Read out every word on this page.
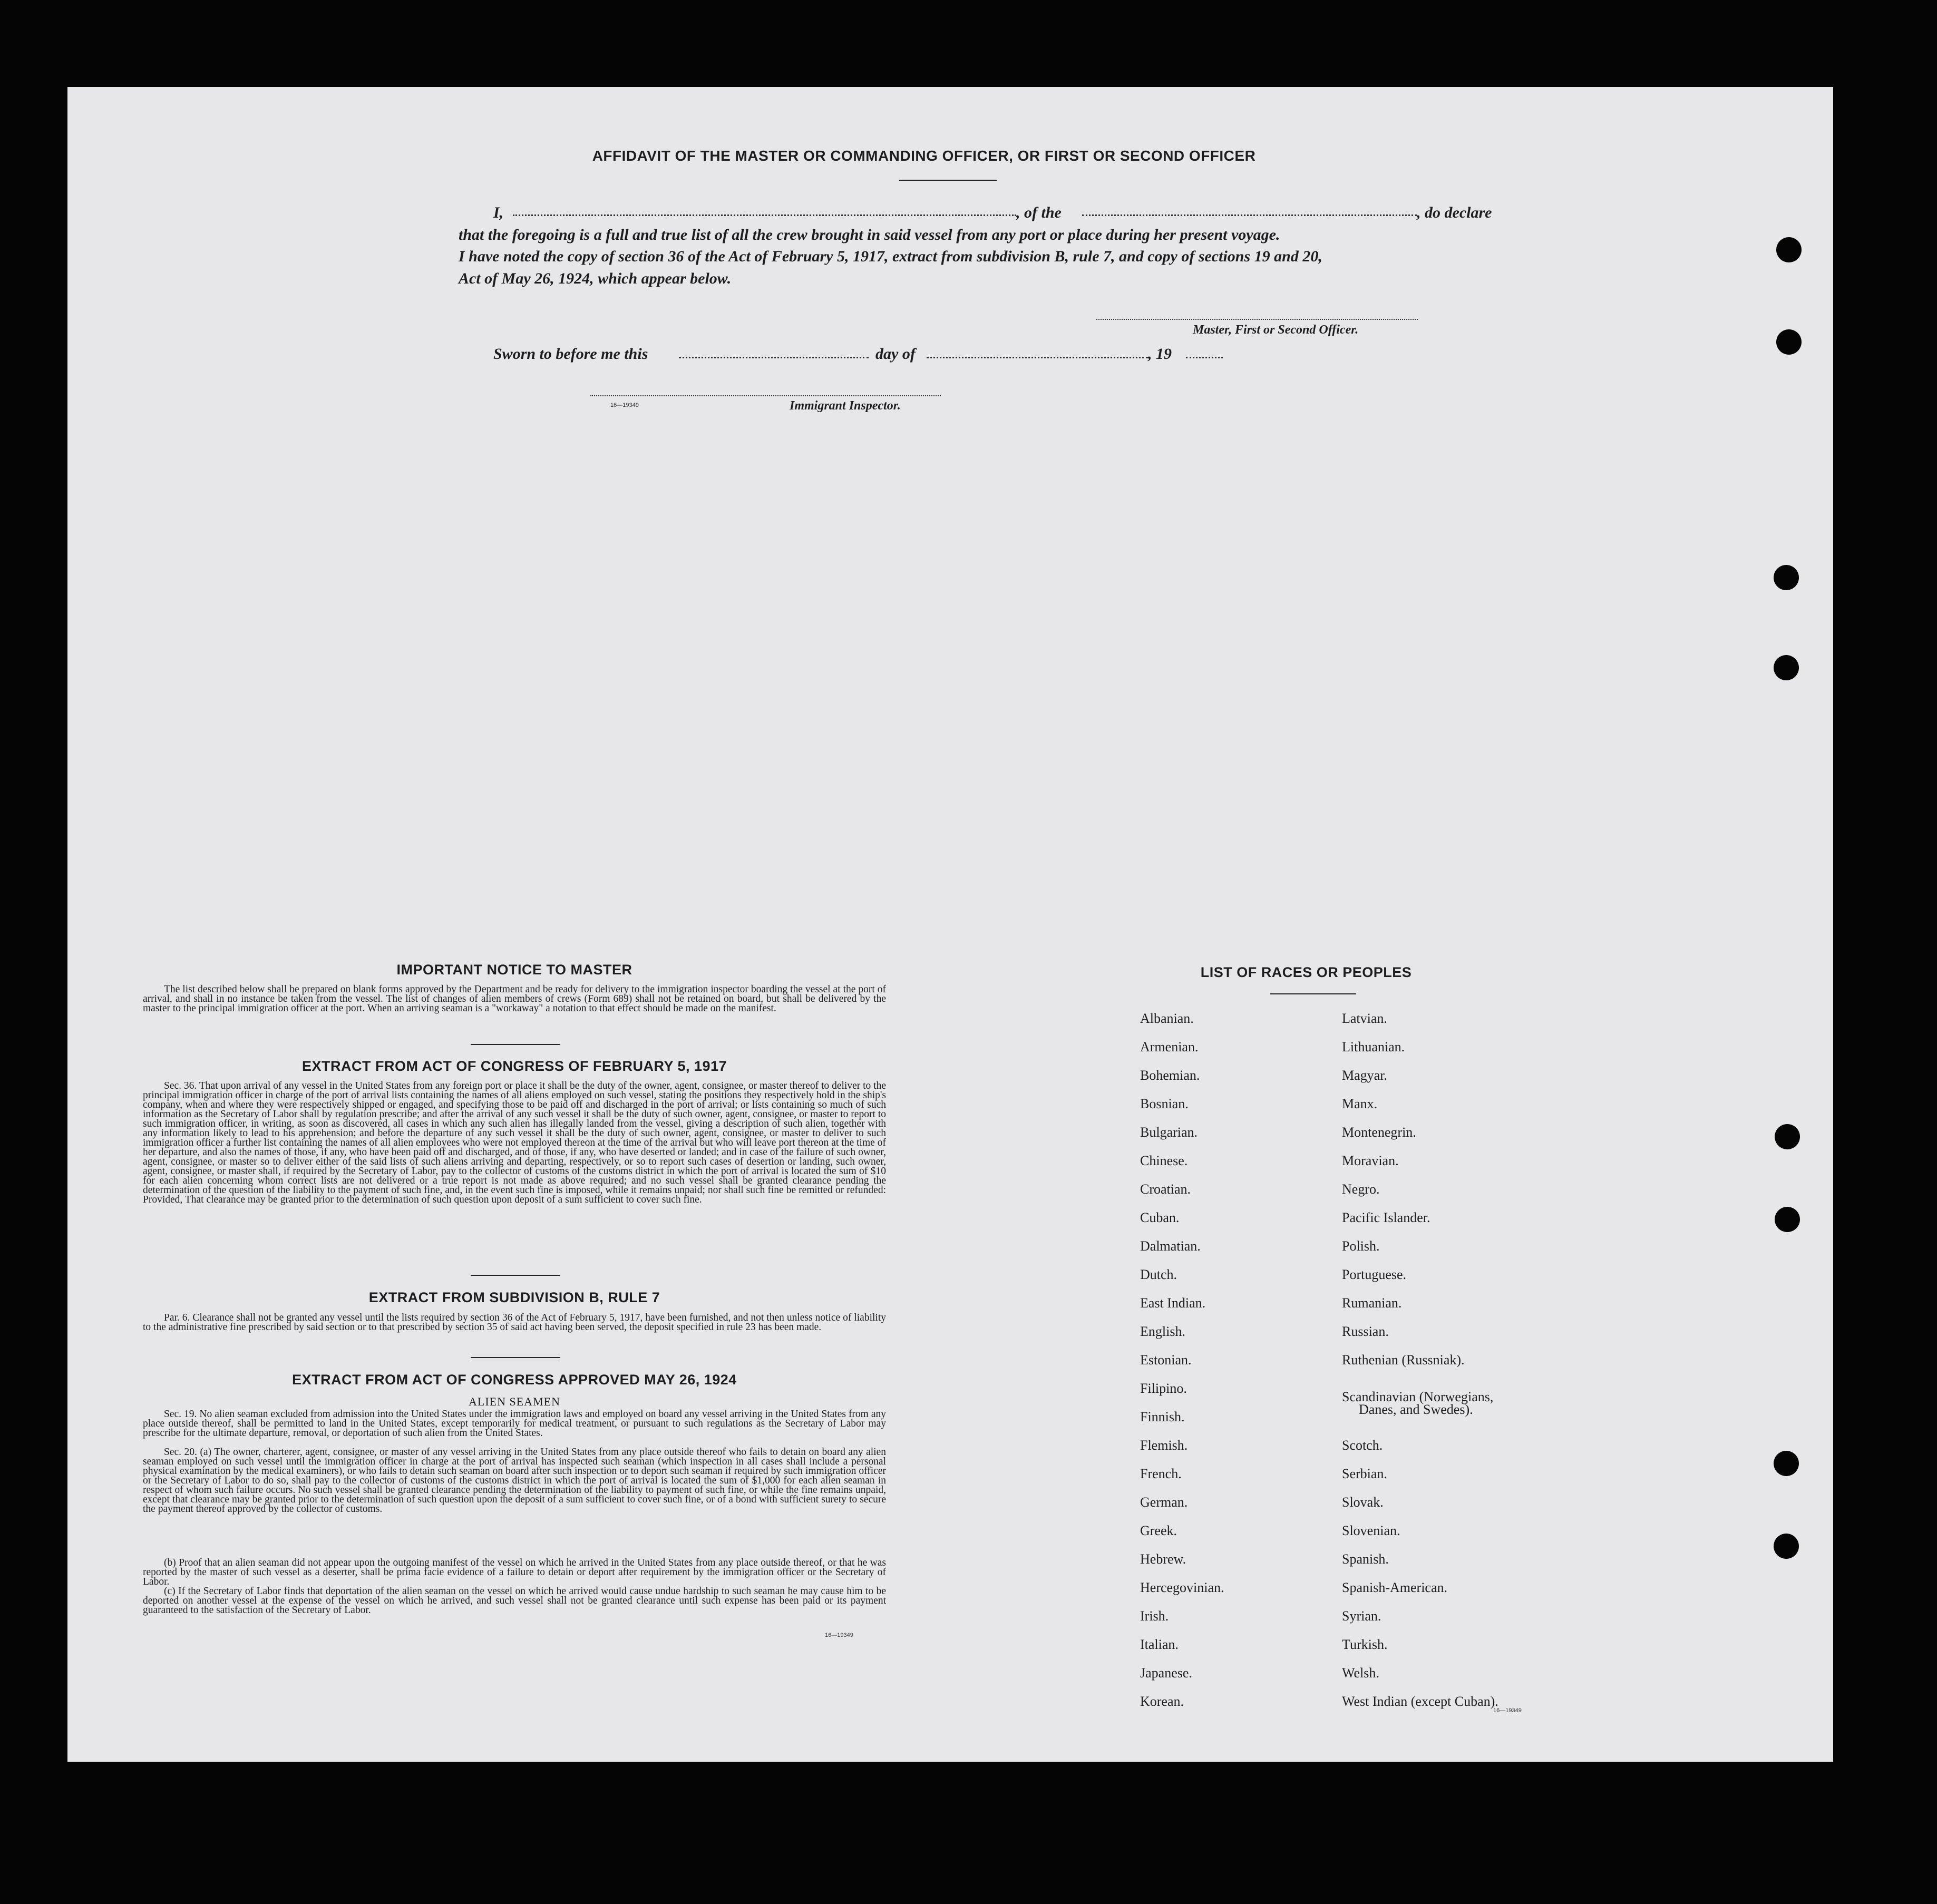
AFFIDAVIT OF THE MASTER OR COMMANDING OFFICER, OR FIRST OR SECOND OFFICER
I,	, of the	, do declare
that the foregoing is a full and true list of all the crew brought in said vessel from any port or place during her present voyage.
I have noted the copy of section 36 of the Act of February 5, 1917, extract from subdivision B, rule 7, and copy of sections 19 and 20,
Act of May 26, 1924, which appear below.
Master, First or Second Officer.
Sworn to before me this	day of	, 19
Immigrant Inspector.
16—19349
IMPORTANT NOTICE TO MASTER
The list described below shall be prepared on blank forms approved by the Department and be ready for delivery to the immigration inspector boarding the vessel at the port of arrival, and shall in no instance be taken from the vessel. The list of changes of alien members of crews (Form 689) shall not be retained on board, but shall be delivered by the master to the principal immigration officer at the port. When an arriving seaman is a "workaway" a notation to that effect should be made on the manifest.
EXTRACT FROM ACT OF CONGRESS OF FEBRUARY 5, 1917
Sec. 36. That upon arrival of any vessel in the United States from any foreign port or place it shall be the duty of the owner, agent, consignee, or master thereof to deliver to the principal immigration officer in charge of the port of arrival lists containing the names of all aliens employed on such vessel, stating the positions they respectively hold in the ship's company, when and where they were respectively shipped or engaged, and specifying those to be paid off and discharged in the port of arrival; or lists containing so much of such information as the Secretary of Labor shall by regulation prescribe; and after the arrival of any such vessel it shall be the duty of such owner, agent, consignee, or master to report to such immigration officer, in writing, as soon as discovered, all cases in which any such alien has illegally landed from the vessel, giving a description of such alien, together with any information likely to lead to his apprehension; and before the departure of any such vessel it shall be the duty of such owner, agent, consignee, or master to deliver to such immigration officer a further list containing the names of all alien employees who were not employed thereon at the time of the arrival but who will leave port thereon at the time of her departure, and also the names of those, if any, who have been paid off and discharged, and of those, if any, who have deserted or landed; and in case of the failure of such owner, agent, consignee, or master so to deliver either of the said lists of such aliens arriving and departing, respectively, or so to report such cases of desertion or landing, such owner, agent, consignee, or master shall, if required by the Secretary of Labor, pay to the collector of customs of the customs district in which the port of arrival is located the sum of $10 for each alien concerning whom correct lists are not delivered or a true report is not made as above required; and no such vessel shall be granted clearance pending the determination of the question of the liability to the payment of such fine, and, in the event such fine is imposed, while it remains unpaid; nor shall such fine be remitted or refunded: Provided, That clearance may be granted prior to the determination of such question upon deposit of a sum sufficient to cover such fine.
EXTRACT FROM SUBDIVISION B, RULE 7
Par. 6. Clearance shall not be granted any vessel until the lists required by section 36 of the Act of February 5, 1917, have been furnished, and not then unless notice of liability to the administrative fine prescribed by said section or to that prescribed by section 35 of said act having been served, the deposit specified in rule 23 has been made.
EXTRACT FROM ACT OF CONGRESS APPROVED MAY 26, 1924
ALIEN SEAMEN
Sec. 19. No alien seaman excluded from admission into the United States under the immigration laws and employed on board any vessel arriving in the United States from any place outside thereof, shall be permitted to land in the United States, except temporarily for medical treatment, or pursuant to such regulations as the Secretary of Labor may prescribe for the ultimate departure, removal, or deportation of such alien from the United States.
Sec. 20. (a) The owner, charterer, agent, consignee, or master of any vessel arriving in the United States from any place outside thereof who fails to detain on board any alien seaman employed on such vessel until the immigration officer in charge at the port of arrival has inspected such seaman (which inspection in all cases shall include a personal physical examination by the medical examiners), or who fails to detain such seaman on board after such inspection or to deport such seaman if required by such immigration officer or the Secretary of Labor to do so, shall pay to the collector of customs of the customs district in which the port of arrival is located the sum of $1,000 for each alien seaman in respect of whom such failure occurs. No such vessel shall be granted clearance pending the determination of the liability to payment of such fine, or while the fine remains unpaid, except that clearance may be granted prior to the determination of such question upon the deposit of a sum sufficient to cover such fine, or of a bond with sufficient surety to secure the payment thereof approved by the collector of customs.
(b) Proof that an alien seaman did not appear upon the outgoing manifest of the vessel on which he arrived in the United States from any place outside thereof, or that he was reported by the master of such vessel as a deserter, shall be prima facie evidence of a failure to detain or deport after requirement by the immigration officer or the Secretary of Labor.
(c) If the Secretary of Labor finds that deportation of the alien seaman on the vessel on which he arrived would cause undue hardship to such seaman he may cause him to be deported on another vessel at the expense of the vessel on which he arrived, and such vessel shall not be granted clearance until such expense has been paid or its payment guaranteed to the satisfaction of the Secretary of Labor.
16—19349
LIST OF RACES OR PEOPLES
Albanian.
Armenian.
Bohemian.
Bosnian.
Bulgarian.
Chinese.
Croatian.
Cuban.
Dalmatian.
Dutch.
East Indian.
English.
Estonian.
Filipino.
Finnish.
Flemish.
French.
German.
Greek.
Hebrew.
Hercegovinian.
Irish.
Italian.
Japanese.
Korean.
Latvian.
Lithuanian.
Magyar.
Manx.
Montenegrin.
Moravian.
Negro.
Pacific Islander.
Polish.
Portuguese.
Rumanian.
Russian.
Ruthenian (Russniak).
Scandinavian (Norwegians,
Scotch.
Serbian.
Slovak.
Slovenian.
Spanish.
Spanish-American.
Syrian.
Turkish.
Welsh.
West Indian (except Cuban).
Danes, and Swedes).
16—19349
